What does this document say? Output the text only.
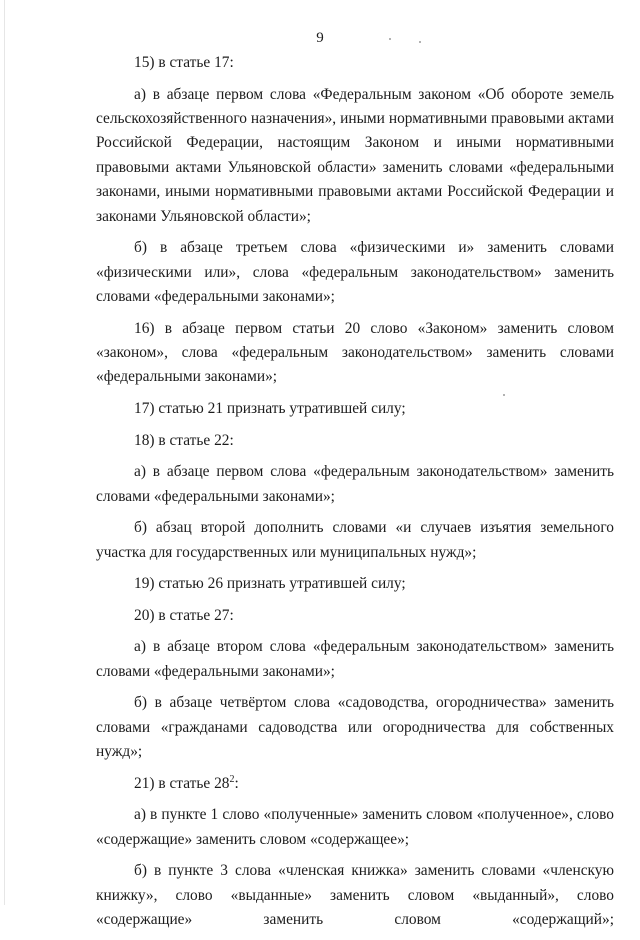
9

15) в статье 17:

а) в абзаце первом слова «Федеральным законом «Об обороте земель сельскохозяйственного назначения», иными нормативными правовыми актами Российской Федерации, настоящим Законом и иными нормативными правовыми актами Ульяновской области» заменить словами «федеральными законами, иными нормативными правовыми актами Российской Федерации и законами Ульяновской области»;

б) в абзаце третьем слова «физическими и» заменить словами «физическими или», слова «федеральным законодательством» заменить словами «федеральными законами»;

16) в абзаце первом статьи 20 слово «Законом» заменить словом «законом», слова «федеральным законодательством» заменить словами «федеральными законами»;

17) статью 21 признать утратившей силу;

18) в статье 22:

а) в абзаце первом слова «федеральным законодательством» заменить словами «федеральными законами»;

б) абзац второй дополнить словами «и случаев изъятия земельного участка для государственных или муниципальных нужд»;

19) статью 26 признать утратившей силу;

20) в статье 27:

а) в абзаце втором слова «федеральным законодательством» заменить словами «федеральными законами»;

б) в абзаце четвёртом слова «садоводства, огородничества» заменить словами «гражданами садоводства или огородничества для собственных нужд»;

21) в статье $28^2$:

а) в пункте 1 слово «полученные» заменить словом «полученное», слово «содержащие» заменить словом «содержащее»;

б) в пункте 3 слова «членская книжка» заменить словами «членскую книжку», слово «выданные» заменить словом «выданный», слово «содержащие» заменить словом «содержащий»;
